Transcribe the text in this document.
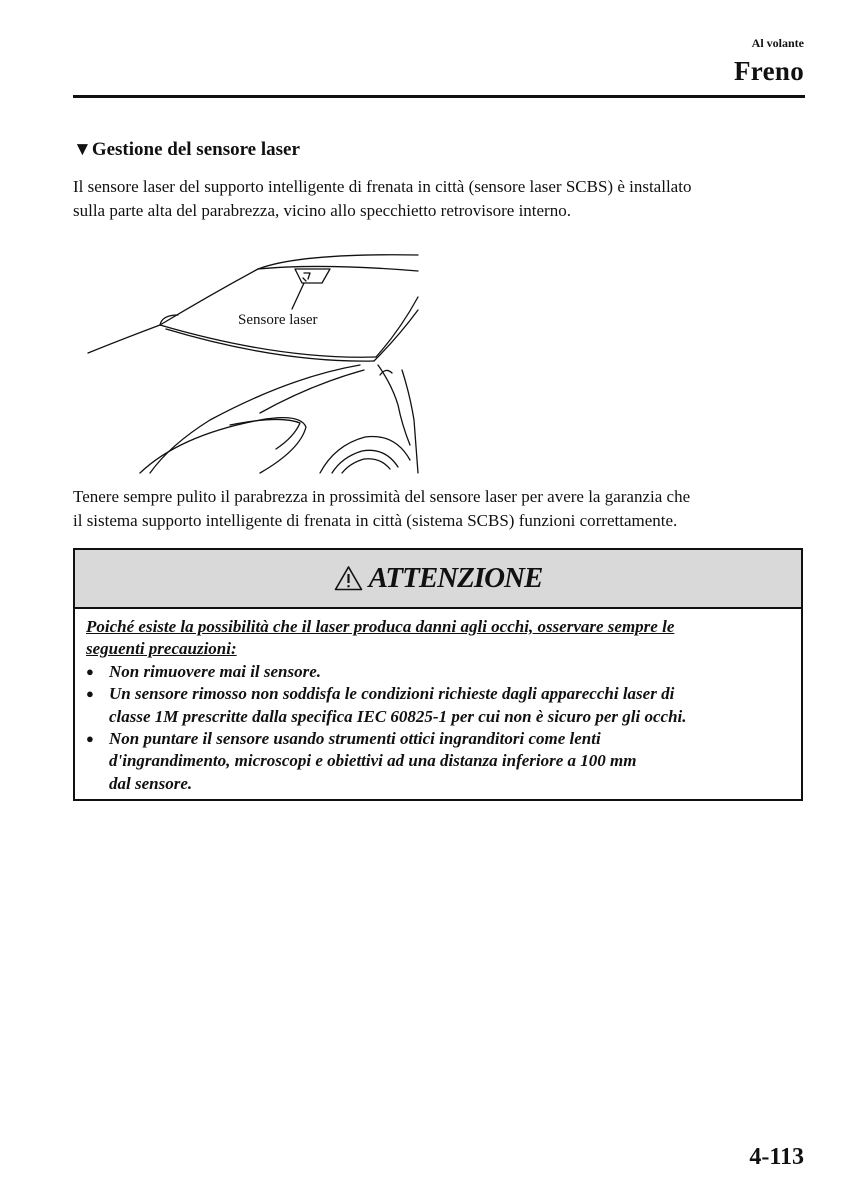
Al volante
Freno
▼Gestione del sensore laser
Il sensore laser del supporto intelligente di frenata in città (sensore laser SCBS) è installato
sulla parte alta del parabrezza, vicino allo specchietto retrovisore interno.
Sensore laser
Tenere sempre pulito il parabrezza in prossimità del sensore laser per avere la garanzia che
il sistema supporto intelligente di frenata in città (sistema SCBS) funzioni correttamente.
ATTENZIONE
Poiché esiste la possibilità che il laser produca danni agli occhi, osservare sempre le
seguenti precauzioni:
● Non rimuovere mai il sensore.
● Un sensore rimosso non soddisfa le condizioni richieste dagli apparecchi laser di
classe 1M prescritte dalla specifica IEC 60825-1 per cui non è sicuro per gli occhi.
● Non puntare il sensore usando strumenti ottici ingranditori come lenti
d'ingrandimento, microscopi e obiettivi ad una distanza inferiore a 100 mm
dal sensore.
4-113
